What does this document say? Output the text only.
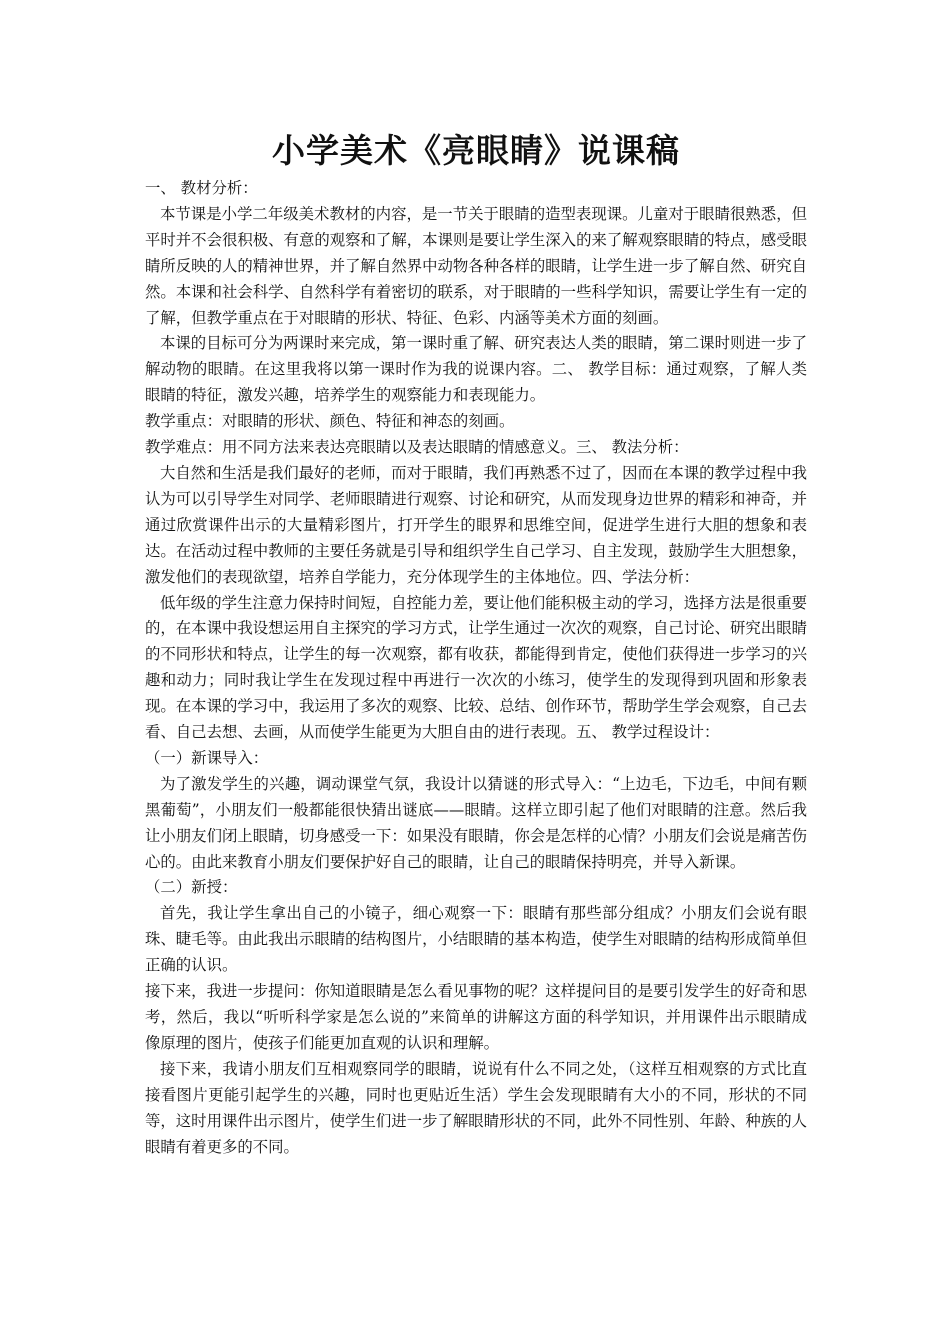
小学美术《亮眼睛》说课稿

一、 教材分析：

本节课是小学二年级美术教材的内容，是一节关于眼睛的造型表现课。儿童对于眼睛很熟悉，但平时并不会很积极、有意的观察和了解，本课则是要让学生深入的来了解观察眼睛的特点，感受眼睛所反映的人的精神世界，并了解自然界中动物各种各样的眼睛，让学生进一步了解自然、研究自然。本课和社会科学、自然科学有着密切的联系，对于眼睛的一些科学知识，需要让学生有一定的了解，但教学重点在于对眼睛的形状、特征、色彩、内涵等美术方面的刻画。

本课的目标可分为两课时来完成，第一课时重了解、研究表达人类的眼睛，第二课时则进一步了解动物的眼睛。在这里我将以第一课时作为我的说课内容。二、 教学目标：通过观察，了解人类眼睛的特征，激发兴趣，培养学生的观察能力和表现能力。

教学重点：对眼睛的形状、颜色、特征和神态的刻画。

教学难点：用不同方法来表达亮眼睛以及表达眼睛的情感意义。三、 教法分析：

大自然和生活是我们最好的老师，而对于眼睛，我们再熟悉不过了，因而在本课的教学过程中我认为可以引导学生对同学、老师眼睛进行观察、讨论和研究，从而发现身边世界的精彩和神奇，并通过欣赏课件出示的大量精彩图片，打开学生的眼界和思维空间，促进学生进行大胆的想象和表达。在活动过程中教师的主要任务就是引导和组织学生自己学习、自主发现，鼓励学生大胆想象，激发他们的表现欲望，培养自学能力，充分体现学生的主体地位。四、学法分析：

低年级的学生注意力保持时间短，自控能力差，要让他们能积极主动的学习，选择方法是很重要的，在本课中我设想运用自主探究的学习方式，让学生通过一次次的观察，自己讨论、研究出眼睛的不同形状和特点，让学生的每一次观察，都有收获，都能得到肯定，使他们获得进一步学习的兴趣和动力；同时我让学生在发现过程中再进行一次次的小练习，使学生的发现得到巩固和形象表现。在本课的学习中，我运用了多次的观察、比较、总结、创作环节，帮助学生学会观察，自己去看、自己去想、去画，从而使学生能更为大胆自由的进行表现。五、 教学过程设计：

（一）新课导入：

为了激发学生的兴趣，调动课堂气氛，我设计以猜谜的形式导入：“上边毛，下边毛，中间有颗黑葡萄”，小朋友们一般都能很快猜出谜底——眼睛。这样立即引起了他们对眼睛的注意。然后我让小朋友们闭上眼睛，切身感受一下：如果没有眼睛，你会是怎样的心情？小朋友们会说是痛苦伤心的。由此来教育小朋友们要保护好自己的眼睛，让自己的眼睛保持明亮，并导入新课。

（二）新授：

首先，我让学生拿出自己的小镜子，细心观察一下：眼睛有那些部分组成？小朋友们会说有眼珠、睫毛等。由此我出示眼睛的结构图片，小结眼睛的基本构造，使学生对眼睛的结构形成简单但正确的认识。

接下来，我进一步提问：你知道眼睛是怎么看见事物的呢？这样提问目的是要引发学生的好奇和思考，然后，我以“听听科学家是怎么说的”来简单的讲解这方面的科学知识，并用课件出示眼睛成像原理的图片，使孩子们能更加直观的认识和理解。

接下来，我请小朋友们互相观察同学的眼睛，说说有什么不同之处，（这样互相观察的方式比直接看图片更能引起学生的兴趣，同时也更贴近生活）学生会发现眼睛有大小的不同，形状的不同等，这时用课件出示图片，使学生们进一步了解眼睛形状的不同，此外不同性别、年龄、种族的人眼睛有着更多的不同。
